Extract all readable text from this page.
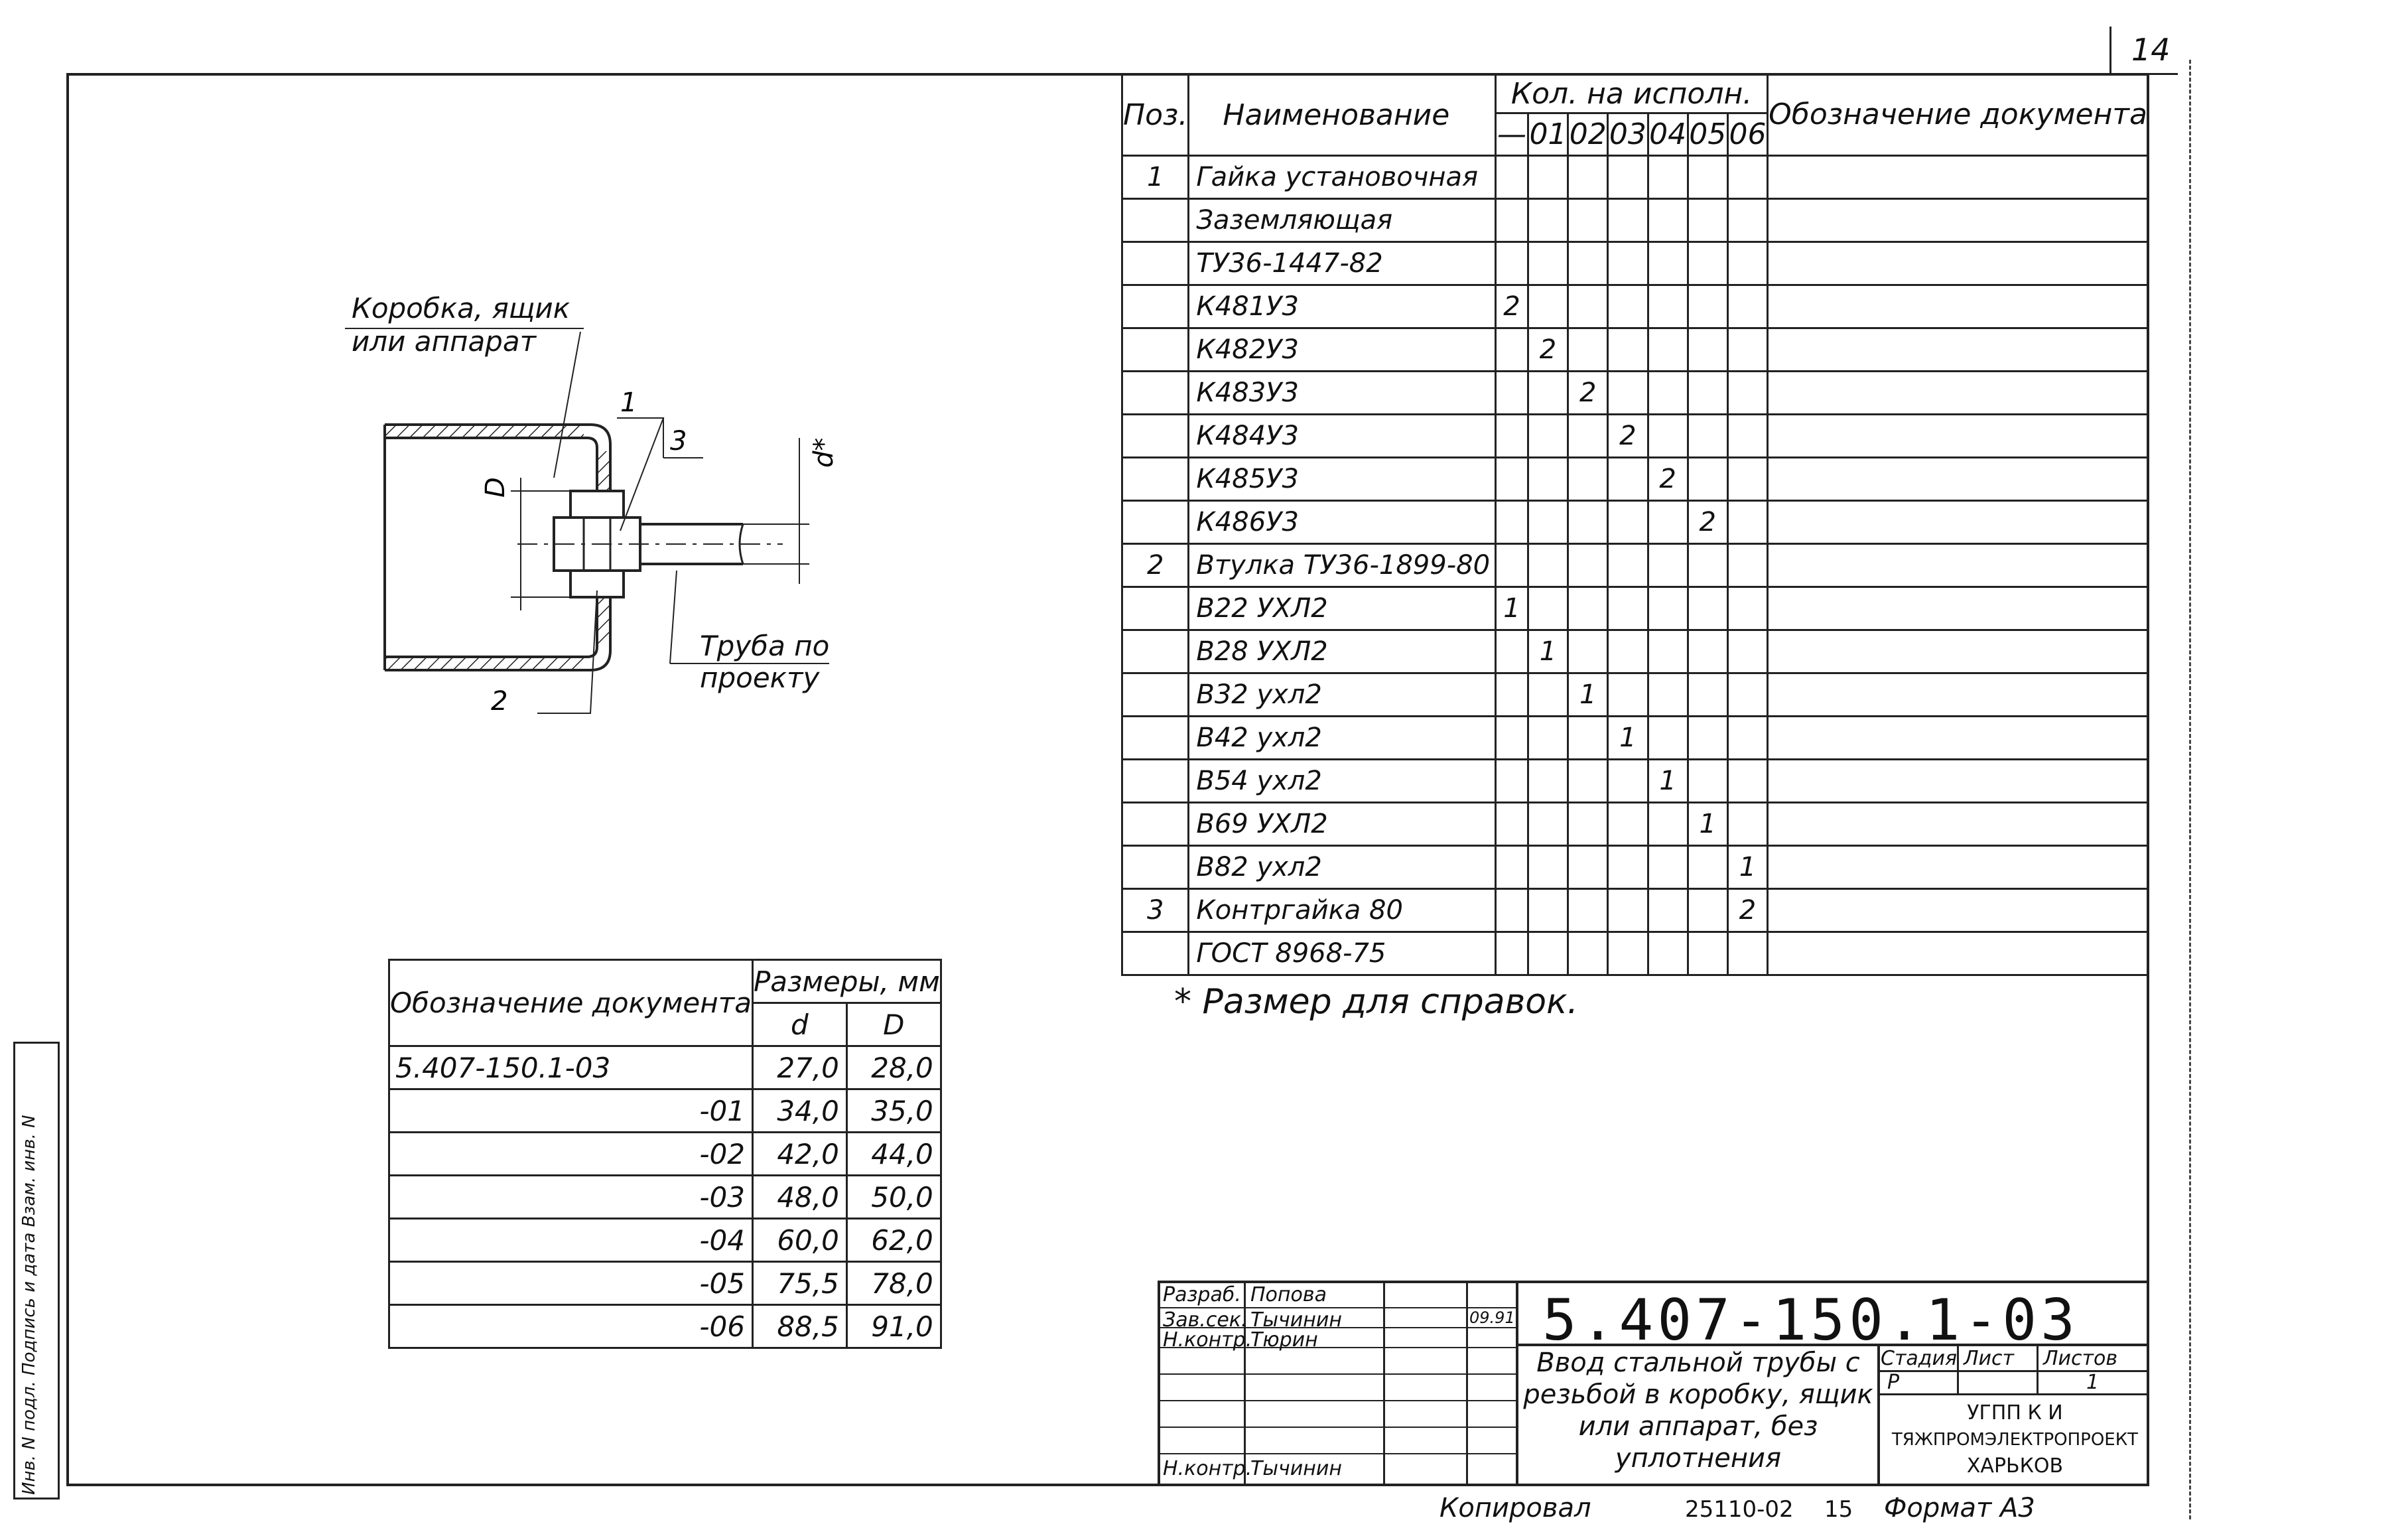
14
Инв. N подл. Подпись и дата Взам. инв. N
D
d*
1
3
2
Коробка, ящик или аппарат
Труба по проекту
Поз.	Наименование	Кол. на исполн.							Обозначение документа
		—	01	02	03	04	05	06	
1	Гайка установочная								
	Заземляющая								
	ТУ36-1447-82								
	К481У3	2							
	К482У3		2						
	К483У3			2					
	К484У3				2				
	К485У3					2			
	К486У3						2		
2	Втулка ТУ36-1899-80								
	В22 УХЛ2	1							
	В28 УХЛ2		1						
	В32 ухл2			1					
	В42 ухл2				1				
	В54 ухл2					1			
	В69 УХЛ2						1		
	В82 ухл2							1	
3	Контргайка 80							2	
	ГОСТ 8968-75								
* Размер для справок.
Обозначение документа	Размеры, мм	
	d	D
5.407-150.1-03	27,0	28,0
-01	34,0	35,0
-02	42,0	44,0
-03	48,0	50,0
-04	60,0	62,0
-05	75,5	78,0
-06	88,5	91,0
Разраб. Попова
Зав.сек. Тычинин	09.91
Н.контр.
Тюрин
Н.контр.
Тычинин
5.407-150.1-03
Ввод стальной трубы с резьбой в коробку, ящик или аппарат, без уплотнения
Стадия Лист Листов
Р	1
УГПП К И
ТЯЖПРОМЭЛЕКТРОПРОЕКТ
ХАРЬКОВ
Копировал	25110-02 15 Формат А3
